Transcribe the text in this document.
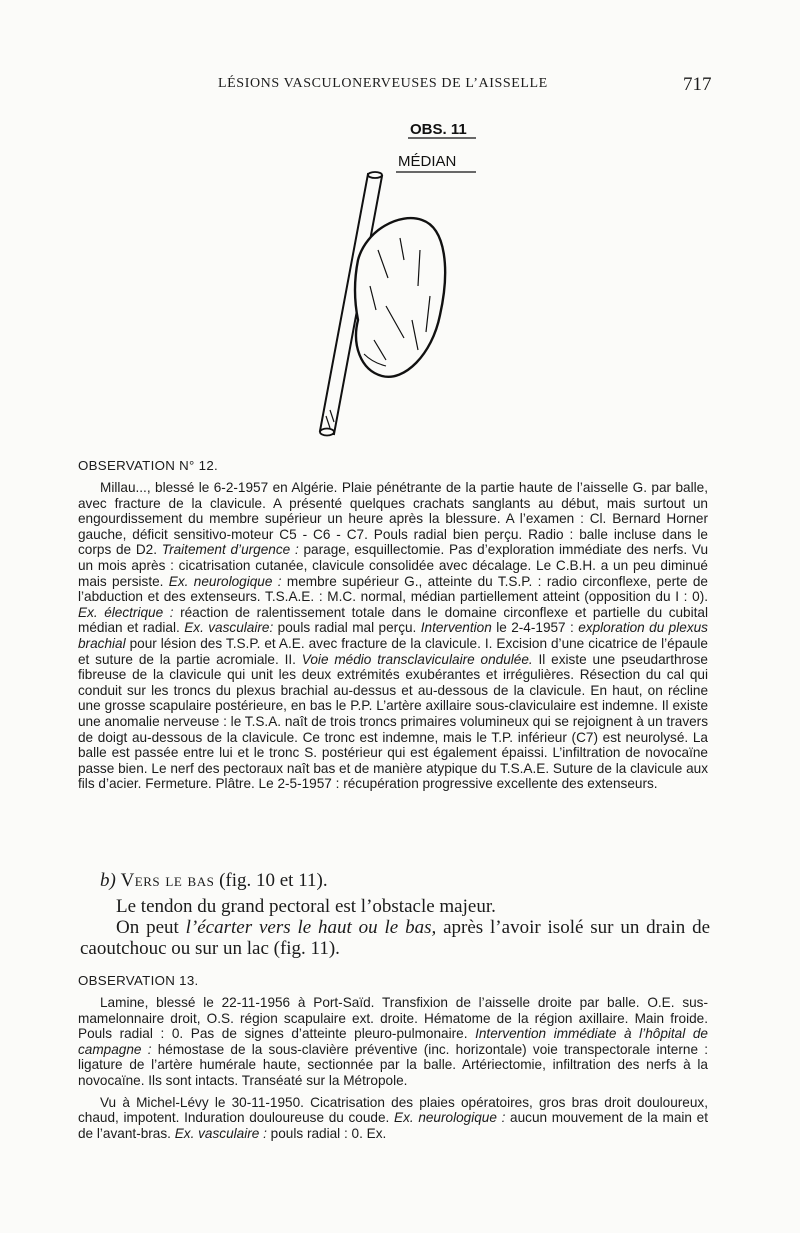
LÉSIONS VASCULONERVEUSES DE L’AISSELLE	717
OBS. 11
MÉDIAN
OBSERVATION N° 12.

Millau..., blessé le 6-2-1957 en Algérie. Plaie pénétrante de la partie haute de l’aisselle G. par balle, avec fracture de la clavicule. A présenté quelques crachats sanglants au début, mais surtout un engourdissement du membre supérieur un heure après la blessure. A l’examen : Cl. Bernard Horner gauche, déficit sensitivo-moteur C5 - C6 - C7. Pouls radial bien perçu. Radio : balle incluse dans le corps de D2. Traitement d’urgence : parage, esquillectomie. Pas d’exploration immédiate des nerfs. Vu un mois après : cicatrisation cutanée, clavicule consolidée avec décalage. Le C.B.H. a un peu diminué mais persiste. Ex. neurologique : membre supérieur G., atteinte du T.S.P. : radio circonflexe, perte de l’abduction et des extenseurs. T.S.A.E. : M.C. normal, médian partiellement atteint (opposition du I : 0). Ex. électrique : réaction de ralentissement totale dans le domaine circonflexe et partielle du cubital médian et radial. Ex. vasculaire: pouls radial mal perçu. Intervention le 2-4-1957 : exploration du plexus brachial pour lésion des T.S.P. et A.E. avec fracture de la clavicule. I. Excision d’une cicatrice de l’épaule et suture de la partie acromiale. II. Voie médio transclaviculaire ondulée. Il existe une pseudarthrose fibreuse de la clavicule qui unit les deux extrémités exubérantes et irrégulières. Résection du cal qui conduit sur les troncs du plexus brachial au-dessus et au-dessous de la clavicule. En haut, on récline une grosse scapulaire postérieure, en bas le P.P. L’artère axillaire sous-claviculaire est indemne. Il existe une anomalie nerveuse : le T.S.A. naît de trois troncs primaires volumineux qui se rejoignent à un travers de doigt au-dessous de la clavicule. Ce tronc est indemne, mais le T.P. inférieur (C7) est neurolysé. La balle est passée entre lui et le tronc S. postérieur qui est également épaissi. L’infiltration de novocaïne passe bien. Le nerf des pectoraux naît bas et de manière atypique du T.S.A.E. Suture de la clavicule aux fils d’acier. Fermeture. Plâtre. Le 2-5-1957 : récupération progressive excellente des extenseurs.

b) Vers le bas (fig. 10 et 11).

Le tendon du grand pectoral est l’obstacle majeur.

On peut l’écarter vers le haut ou le bas, après l’avoir isolé sur un drain de caoutchouc ou sur un lac (fig. 11).

OBSERVATION 13.

Lamine, blessé le 22-11-1956 à Port-Saïd. Transfixion de l’aisselle droite par balle. O.E. sus-mamelonnaire droit, O.S. région scapulaire ext. droite. Hématome de la région axillaire. Main froide. Pouls radial : 0. Pas de signes d’atteinte pleuro-pulmonaire. Intervention immédiate à l’hôpital de campagne : hémostase de la sous-clavière préventive (inc. horizontale) voie transpectorale interne : ligature de l’artère humérale haute, sectionnée par la balle. Artériectomie, infiltration des nerfs à la novocaïne. Ils sont intacts. Transéaté sur la Métropole.

Vu à Michel-Lévy le 30-11-1950. Cicatrisation des plaies opératoires, gros bras droit douloureux, chaud, impotent. Induration douloureuse du coude. Ex. neurologique : aucun mouvement de la main et de l’avant-bras. Ex. vasculaire : pouls radial : 0. Ex.
